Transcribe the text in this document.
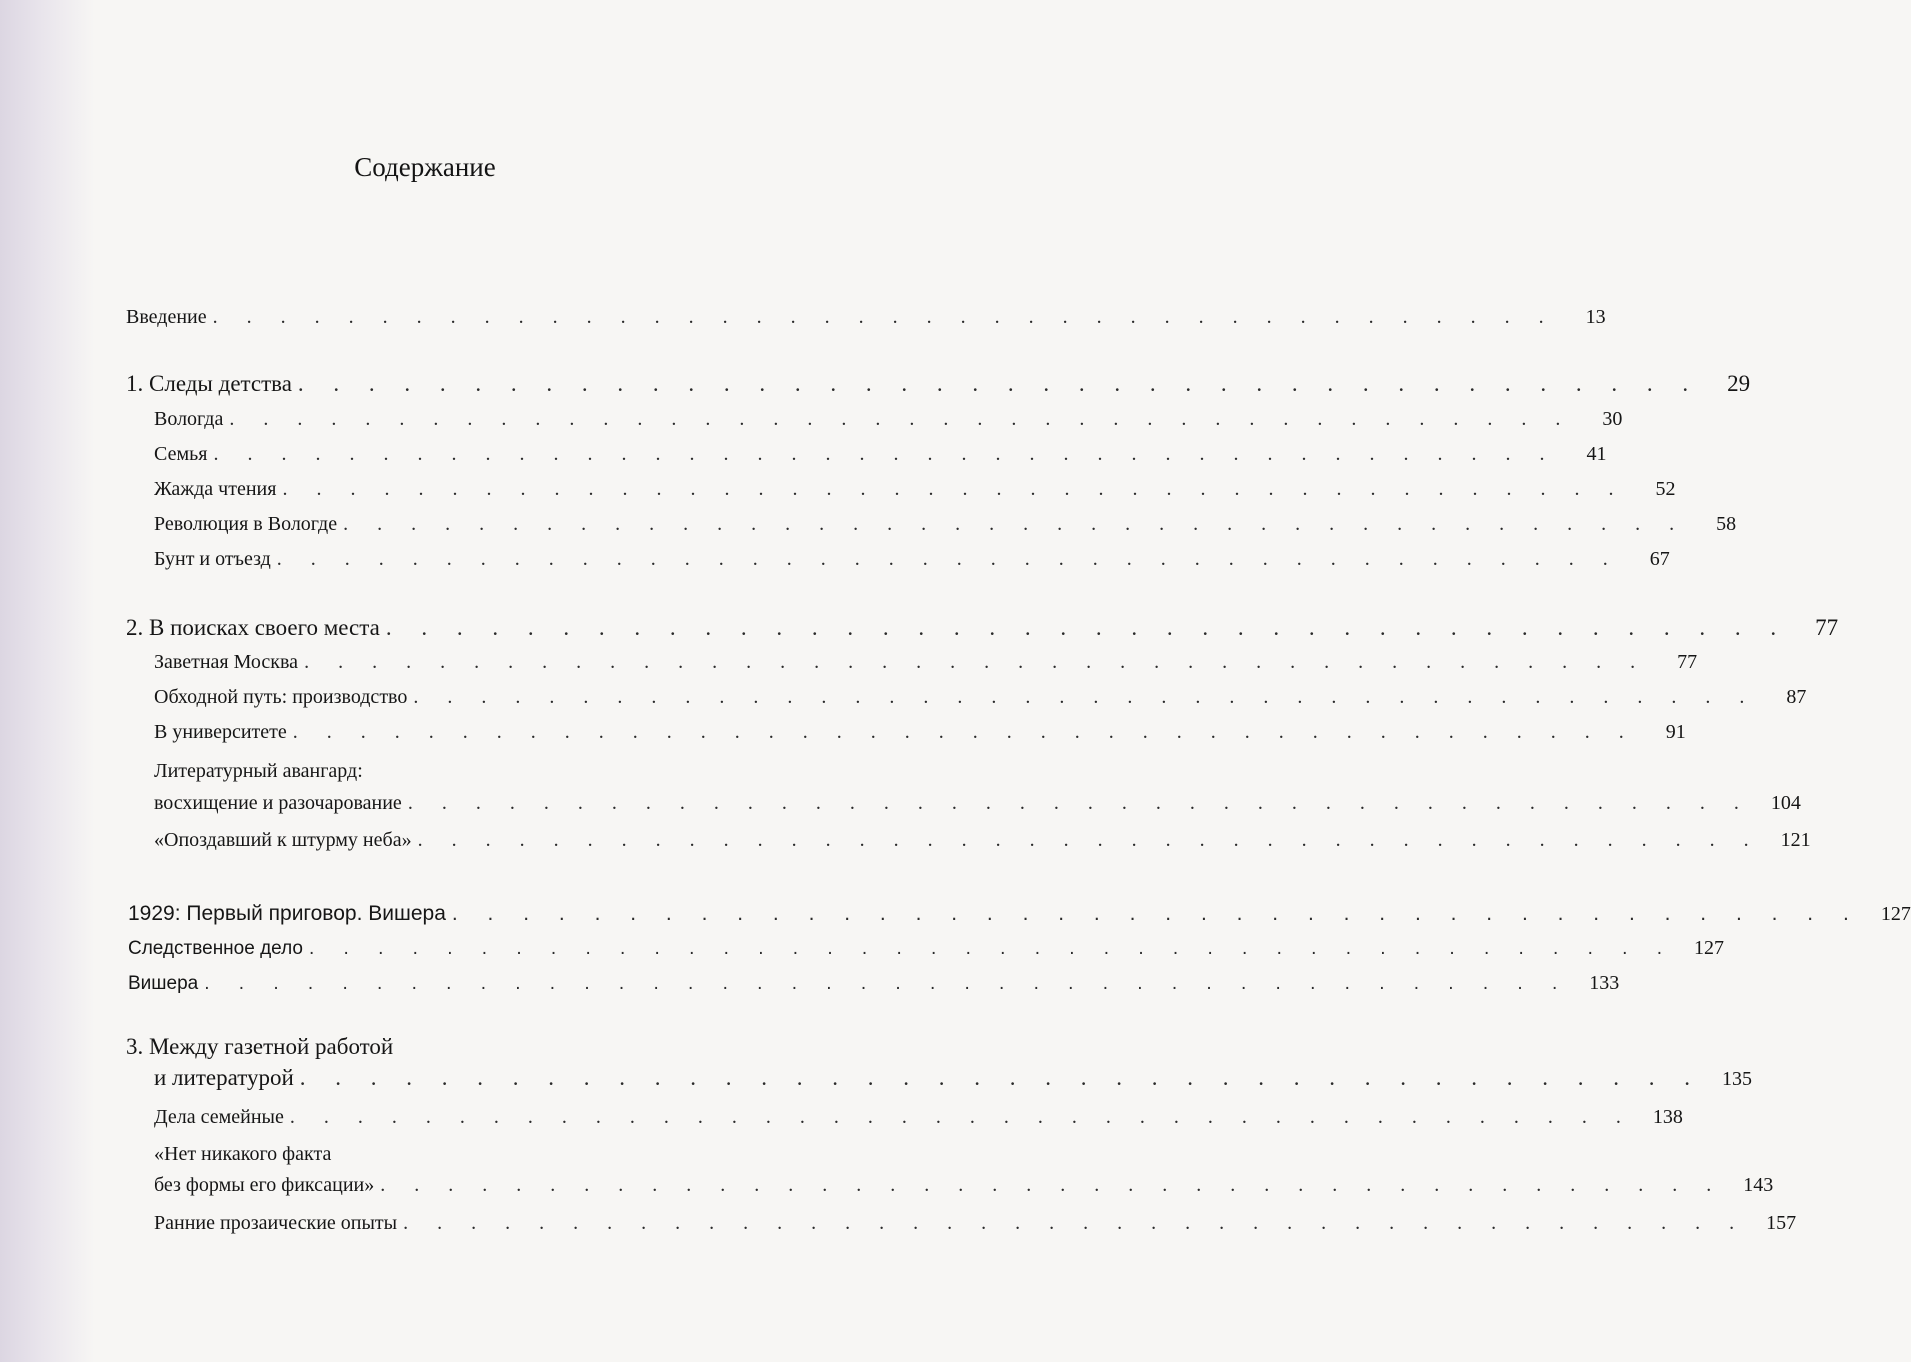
Содержание
Введение . . . . . . . . . . . . . . . . . . . . . . . . . . . . . . . . . . . . . . . .	13
1. Следы детства . . . . . . . . . . . . . . . . . . . . . . . . . . . . . . . . . . . . . . . .	29
Вологда . . . . . . . . . . . . . . . . . . . . . . . . . . . . . . . . . . . . . . . .	30
Семья . . . . . . . . . . . . . . . . . . . . . . . . . . . . . . . . . . . . . . . .	41
Жажда чтения . . . . . . . . . . . . . . . . . . . . . . . . . . . . . . . . . . . . . . . .	52
Революция в Вологде . . . . . . . . . . . . . . . . . . . . . . . . . . . . . . . . . . . . . . . .	58
Бунт и отъезд . . . . . . . . . . . . . . . . . . . . . . . . . . . . . . . . . . . . . . . .	67
2. В поисках своего места . . . . . . . . . . . . . . . . . . . . . . . . . . . . . . . . . . . . . . . .	77
Заветная Москва . . . . . . . . . . . . . . . . . . . . . . . . . . . . . . . . . . . . . . . .	77
Обходной путь: производство . . . . . . . . . . . . . . . . . . . . . . . . . . . . . . . . . . . . . . . .	87
В университете . . . . . . . . . . . . . . . . . . . . . . . . . . . . . . . . . . . . . . . .	91
Литературный авангард:
восхищение и разочарование . . . . . . . . . . . . . . . . . . . . . . . . . . . . . . . . . . . . . . . .	104
«Опоздавший к штурму неба» . . . . . . . . . . . . . . . . . . . . . . . . . . . . . . . . . . . . . . . .	121
1929: Первый приговор. Вишера . . . . . . . . . . . . . . . . . . . . . . . . . . . . . . . . . . . . . . . .	127
Следственное дело . . . . . . . . . . . . . . . . . . . . . . . . . . . . . . . . . . . . . . . .	127
Вишера . . . . . . . . . . . . . . . . . . . . . . . . . . . . . . . . . . . . . . . .	133
3. Между газетной работой
и литературой . . . . . . . . . . . . . . . . . . . . . . . . . . . . . . . . . . . . . . . .	135
Дела семейные . . . . . . . . . . . . . . . . . . . . . . . . . . . . . . . . . . . . . . . .	138
«Нет никакого факта
без формы его фиксации» . . . . . . . . . . . . . . . . . . . . . . . . . . . . . . . . . . . . . . . .	143
Ранние прозаические опыты . . . . . . . . . . . . . . . . . . . . . . . . . . . . . . . . . . . . . . . .	157
